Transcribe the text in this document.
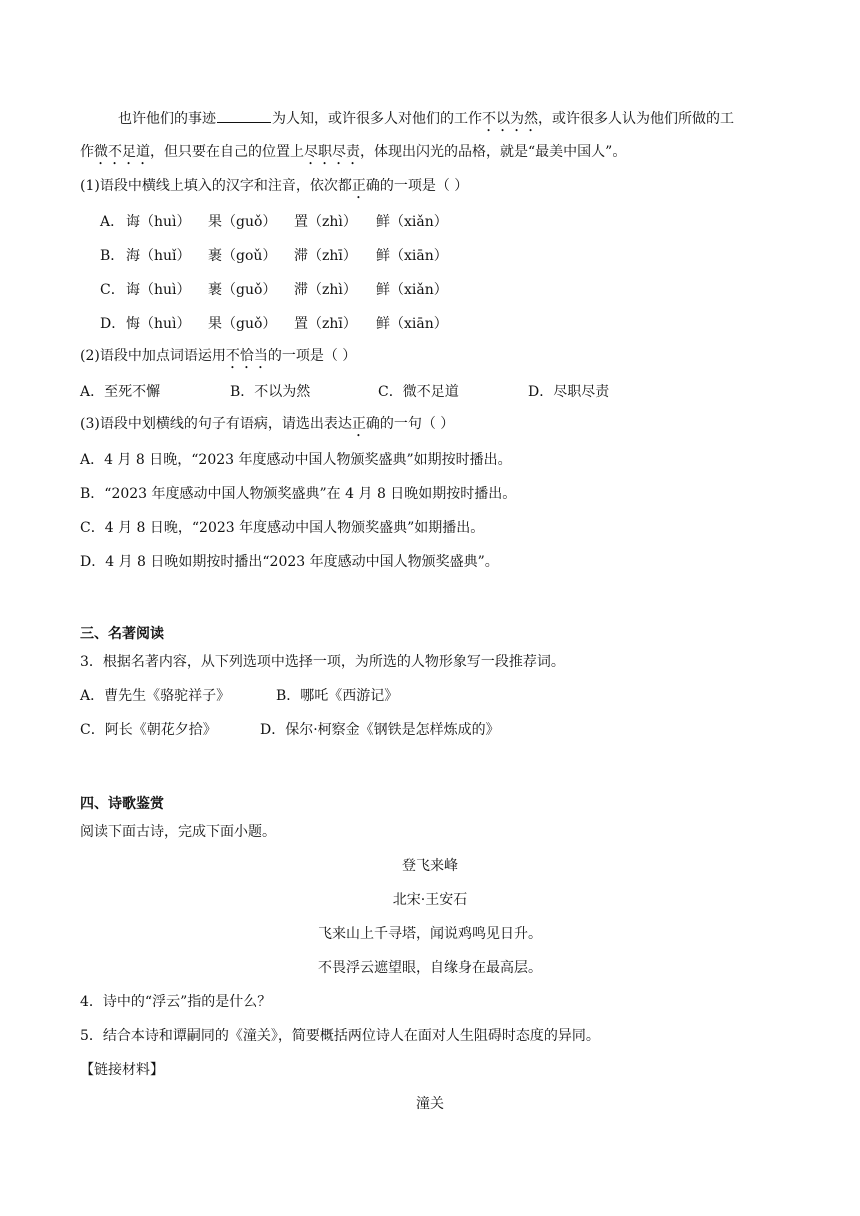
也许他们的事迹	为人知，或许很多人对他们的工作不以为然，或许很多人认为他们所做的工
作微不足道，但只要在自己的位置上尽职尽责，体现出闪光的品格，就是“最美中国人”。
(1)语段中横线上填入的汉字和注音，依次都正确的一项是（ ）
A． 诲（huì） 果（guǒ） 置（zhì） 鲜（xiǎn）
B． 海（huǐ） 裹（goǔ） 滞（zhī） 鲜（xiān）
C． 诲（huì） 裹（guǒ） 滞（zhì） 鲜（xiǎn）
D． 悔（huì） 果（guǒ） 置（zhī） 鲜（xiān）
(2)语段中加点词语运用不恰当的一项是（ ）
A．至死不懈	B．不以为然	C．微不足道	D．尽职尽责
(3)语段中划横线的句子有语病，请选出表达正确的一句（ ）
A．4 月 8 日晚，“2023 年度感动中国人物颁奖盛典”如期按时播出。
B．“2023 年度感动中国人物颁奖盛典”在 4 月 8 日晚如期按时播出。
C．4 月 8 日晚，“2023 年度感动中国人物颁奖盛典”如期播出。
D．4 月 8 日晚如期按时播出“2023 年度感动中国人物颁奖盛典”。
三、名著阅读
3．根据名著内容，从下列选项中选择一项，为所选的人物形象写一段推荐词。
A．曹先生《骆驼祥子》	B．哪吒《西游记》
C．阿长《朝花夕拾》	D．保尔·柯察金《钢铁是怎样炼成的》
四、诗歌鉴赏
阅读下面古诗，完成下面小题。
登飞来峰
北宋·王安石
飞来山上千寻塔，闻说鸡鸣见日升。
不畏浮云遮望眼，自缘身在最高层。
4．诗中的“浮云”指的是什么？
5．结合本诗和谭嗣同的《潼关》，简要概括两位诗人在面对人生阻碍时态度的异同。
【链接材料】
潼关
